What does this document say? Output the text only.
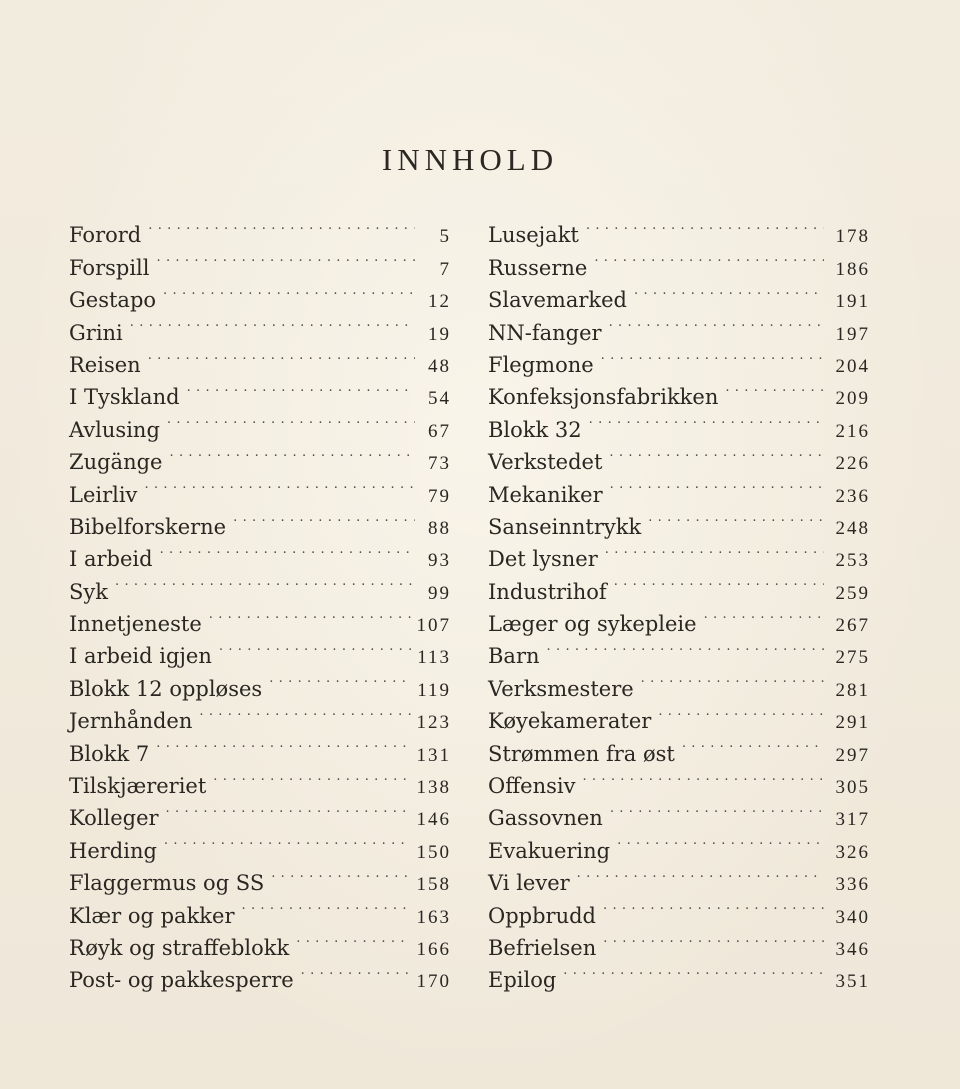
INNHOLD
Forord . . .	5
Forspill . . .	7
Gestapo . . .	12
Grini . . .	19
Reisen . . .	48
I Tyskland . . .	54
Avlusing . . .	67
Zugänge . . .	73
Leirliv . . .	79
Bibelforskerne . . .	88
I arbeid . . .	93
Syk . . .	99
Innetjeneste . . .	107
I arbeid igjen . . .	113
Blokk 12 oppløses . . .	119
Jernhånden . . .	123
Blokk 7 . . .	131
Tilskjæreriet . . .	138
Kolleger . . .	146
Herding . . .	150
Flaggermus og SS . . .	158
Klær og pakker . . .	163
Røyk og straffeblokk . . .	166
Post- og pakkesperre . . .	170
Lusejakt . . .	178
Russerne . . .	186
Slavemarked . . .	191
NN-fanger . . .	197
Flegmone . . .	204
Konfeksjonsfabrikken . . .	209
Blokk 32 . . .	216
Verkstedet . . .	226
Mekaniker . . .	236
Sanseinntrykk . . .	248
Det lysner . . .	253
Industrihof . . .	259
Læger og sykepleie . . .	267
Barn . . .	275
Verksmestere . . .	281
Køyekamerater . . .	291
Strømmen fra øst . . .	297
Offensiv . . .	305
Gassovnen . . .	317
Evakuering . . .	326
Vi lever . . .	336
Oppbrudd . . .	340
Befrielsen . . .	346
Epilog . . .	351
